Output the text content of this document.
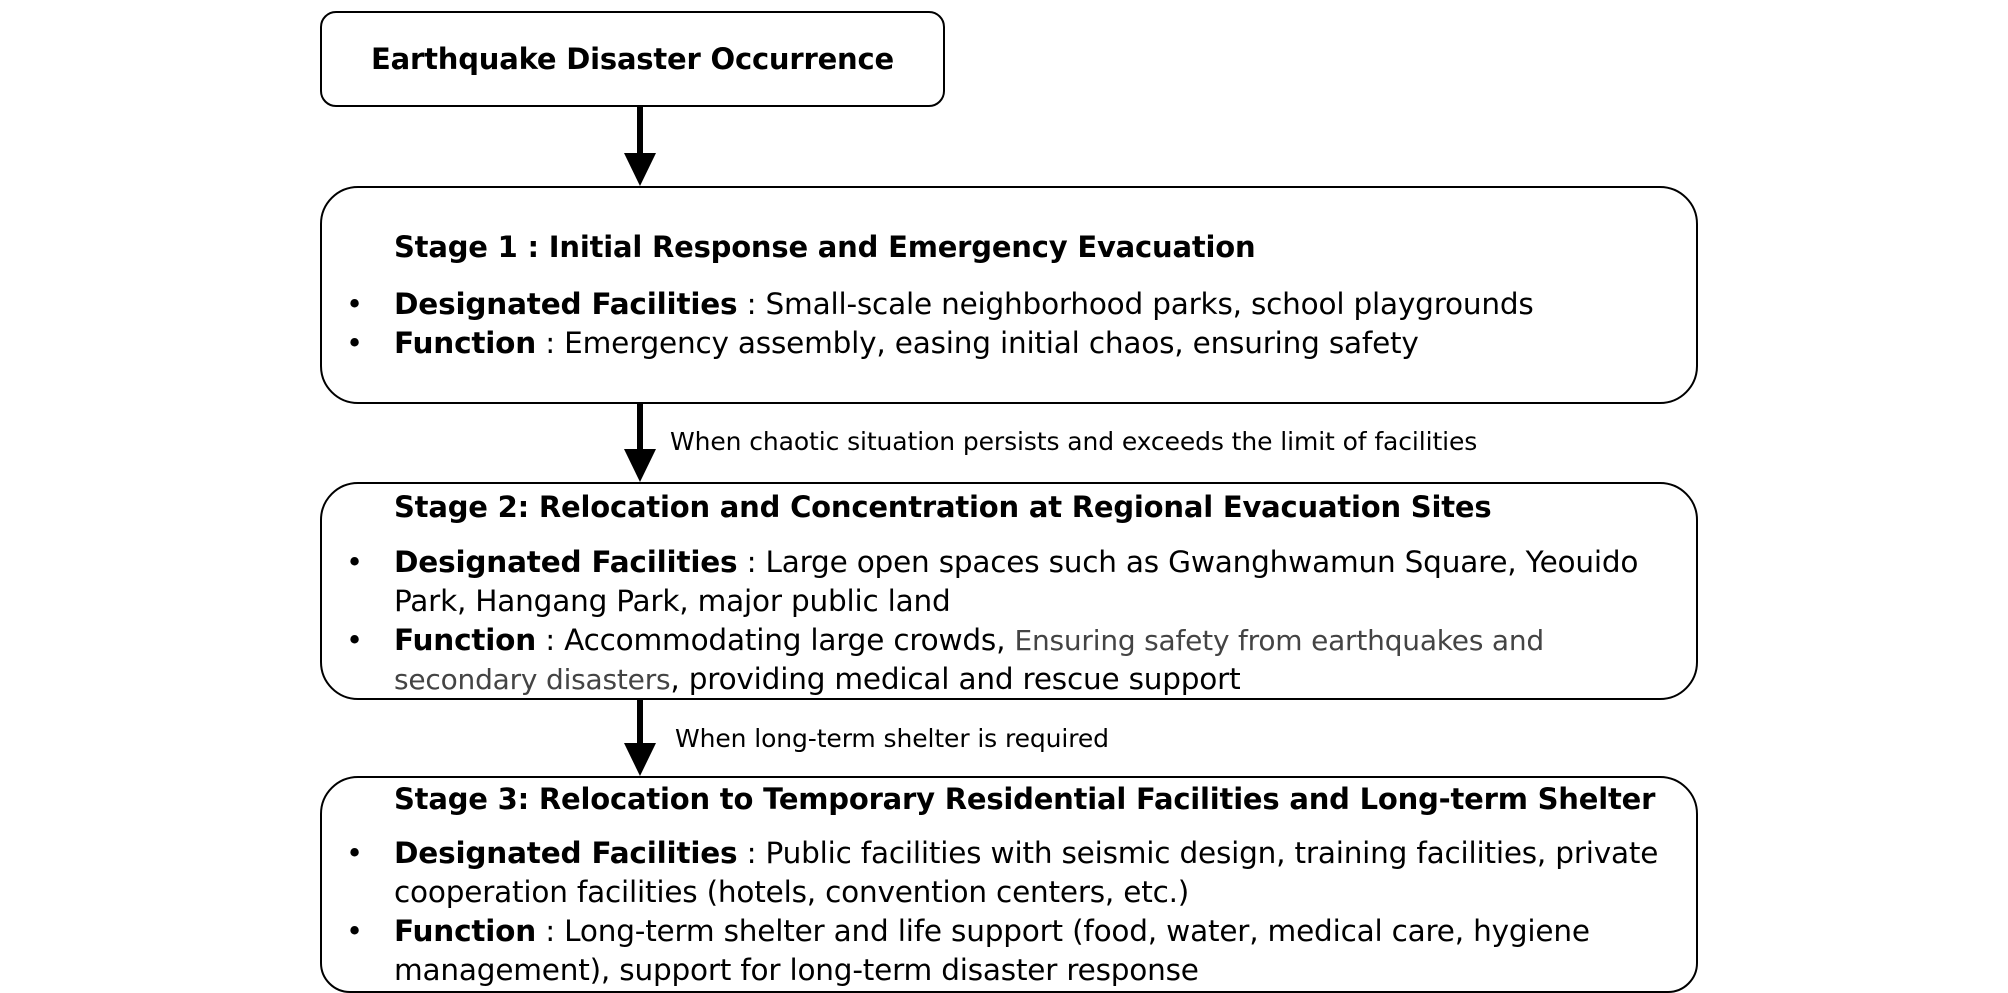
Earthquake Disaster Occurrence
When chaotic situation persists and exceeds the limit of facilities
When long-term shelter is required
Stage 1 : Initial Response and Emergency Evacuation
• Designated Facilities : Small-scale neighborhood parks, school playgrounds
• Function : Emergency assembly, easing initial chaos, ensuring safety
Stage 2: Relocation and Concentration at Regional Evacuation Sites
• Designated Facilities : Large open spaces such as Gwanghwamun Square, Yeouido Park, Hangang Park, major public land
• Function : Accommodating large crowds, Ensuring safety from earthquakes and secondary disasters, providing medical and rescue support
Stage 3: Relocation to Temporary Residential Facilities and Long-term Shelter
• Designated Facilities : Public facilities with seismic design, training facilities, private cooperation facilities (hotels, convention centers, etc.)
• Function : Long-term shelter and life support (food, water, medical care, hygiene management), support for long-term disaster response
